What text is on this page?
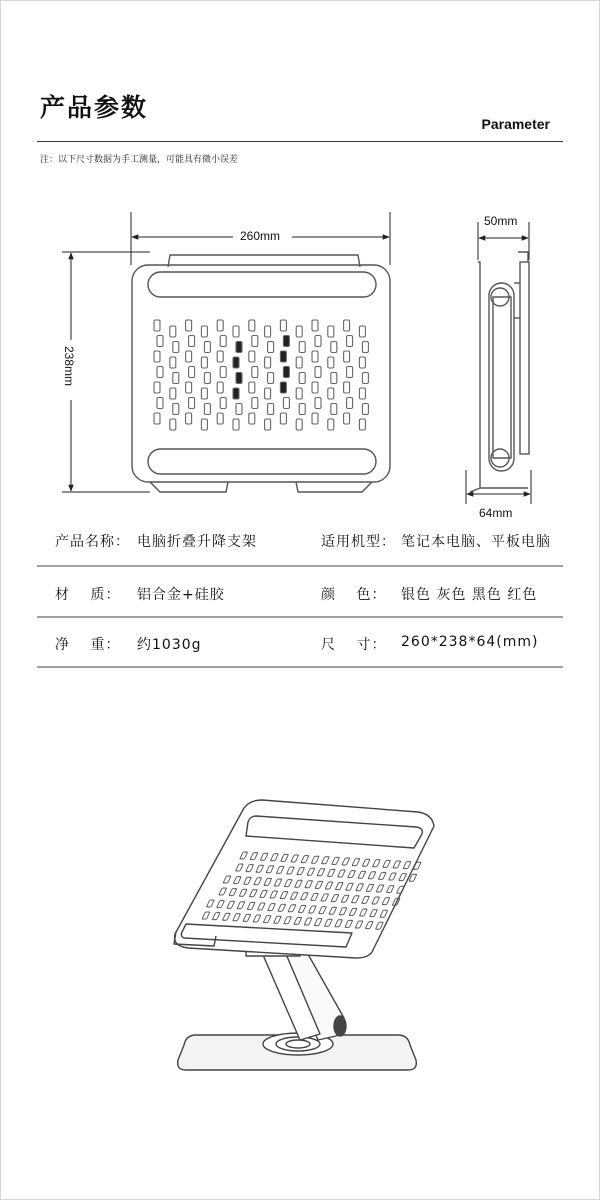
产品参数
Parameter
注：以下尺寸数据为手工测量，可能具有微小误差
260mm
238mm
50mm
64mm
产品名称： 电脑折叠升降支架	适用机型： 笔记本电脑、平板电脑
材　 质： 铝合金+硅胶	颜　 色： 银色 灰色 黑色 红色
净　 重： 约1030g	尺　 寸： 260*238*64(mm)
